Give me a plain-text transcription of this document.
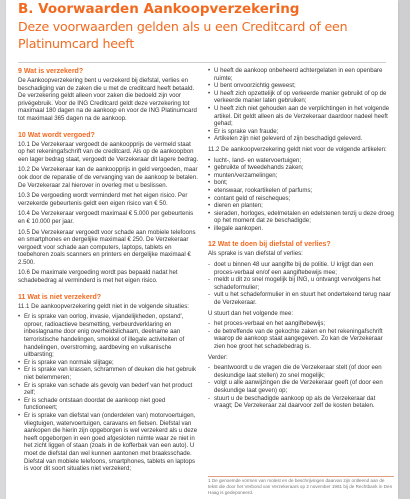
B. Voorwaarden Aankoopverzekering
Deze voorwaarden gelden als u een Creditcard of een Platinumcard heeft
9 Wat is verzekerd?

De Aankoopverzekering bent u verzekerd bij diefstal, verlies en beschadiging van de zaken die u met de creditcard heeft betaald. De verzekering geldt alleen voor zaken die bedoeld zijn voor privégebruik. Voor de ING Creditcard geldt deze verzekering tot maximaal 180 dagen na de aankoop en voor de ING Platinumcard tot maximaal 365 dagen na de aankoop.

10 Wat wordt vergoed?

10.1 De Verzekeraar vergoedt de aankoopprijs de vermeld staat op het rekeningafschrift van de creditcard. Als op de aankoopbon een lager bedrag staat, vergoedt de Verzekeraar dit lagere bedrag.

10.2 De Verzekeraar kan de aankoopprijs in geld vergoeden, maar ook door de reparatie of de vervanging van de aankoop te betalen. De Verzekeraar zal hierover in overleg met u beslissen.

10.3 De vergoeding wordt verminderd met het eigen risico. Per verzekerde gebeurtenis geldt een eigen risico van € 50.

10.4 De Verzekeraar vergoedt maximaal € 5.000 per gebeurtenis en € 10.000 per jaar.

10.5 De Verzekeraar vergoedt voor schade aan mobiele telefoons en smartphones en dergelijke maximaal € 250. De Verzekeraar vergoedt voor schade aan computers, laptops, tablets en toebehoren zoals scanners en printers en dergelijke maximaal € 2.500.

10.6 De maximale vergoeding wordt pas bepaald nadat het schadebedrag al verminderd is met het eigen risico.

11 Wat is niet verzekerd?

11.1 De aankoopverzekering geldt niet in de volgende situaties:

• Er is sprake van oorlog, invasie, vijandelijkheden, opstand', oproer, radioactieve besmetting, verbeurdverklaring en inbeslagname door enig overheidslichaam, deelname aan terroristische handelingen, smokkel of illegale activiteiten of handelingen, overstroming, aardbeving en vulkanische uitbarsting;
• Er is sprake van normale slijtage;
• Er is sprake van krassen, schrammen of deuken die het gebruik niet belemmeren;
• Er is sprake van schade als gevolg van bederf van het product zelf;
• Er is schade ontstaan doordat de aankoop niet goed functioneert;
• Er is sprake van diefstal van (onderdelen van) motorvoertuigen, vliegtuigen, watervoertuigen, caravans en fietsen. Diefstal van aankopen die hierin zijn opgeborgen is wel verzekerd als u deze heeft opgeborgen in een goed afgesloten ruimte waar ze niet in het zicht liggen of staan (zoals in de kofferbak van een auto). U moet de diefstal dan wel kunnen aantonen met braaksschade. Diefstal van mobiele telefoons, smartphones, tablets en laptops is voor dit soort situaties niet verzekerd;
• U heeft de aankoop onbeheerd achtergelaten in een openbare ruimte;
• U bent onvoorzichtig geweest;
• U heeft zich opzettelijk of op verkeerde manier gebruikt of op de verkeerde manier laten gebruiken;
• U heeft zich niet gehouden aan de verplichtingen in het volgende artikel. Dit geldt alleen als de Verzekeraar daardoor nadeel heeft gehad;
• Er is sprake van fraude;
• Artikelen zijn niet geleverd of zijn beschadigd geleverd.

11.2 De aankoopverzekering geldt niet voor de volgende artikelen:

• lucht-, land- en watervoertuigen;
• gebruikte of tweedehands zaken;
• munten/verzamelingen;
• bont;
• etenswaar, rookartikelen of parfums;
• contant geld of reischeques;
• dieren en planten;
• sieraden, horloges, edelmetalen en edelstenen tenzij u deze droeg op het moment dat ze beschadigde;
• illegale aankopen.
12 Wat te doen bij diefstal of verlies?

Als sprake is van diefstal of verlies:

- doet u binnen 48 uur aangifte bij de politie. U krijgt dan een proces-verbaal en/of een aangiftebewijs mee;
- meldt u dit zo snel mogelijk bij ING, u ontvangt vervolgens het schadeformulier;
- vult u het schadeformulier in en stuurt het ondertekend terug naar de Verzekeraar.

U stuurt dan het volgende mee:

- het proces-verbaal en het aangiftebewijs;
- de betreffende van de gekochte zaken en het rekeningafschrift waarop de aankoop staat aangegeven. Zo kan de Verzekeraar zien hoe groot het schadebedrag is.

Verder:

- beantwoordt u de vragen die de Verzekeraar stelt (of door een deskundige laat stellen) zo snel mogelijk;
- volgt u alle aanwijzingen die de Verzekeraar geeft (of door een deskundige laat geven) op;
- stuurt u de beschadigde aankoop op als de Verzekeraar dat vraagt; De Verzekeraar zal daarvoor zelf de kosten betalen.
1 De genoemde vormen van molest en de beschrijvingen daarvan zijn ontleend aan de tekst die door het Verbond van Verzekeraars op 2 november 1981 bij de Rechtbank in Den Haag is gedeponeerd.
